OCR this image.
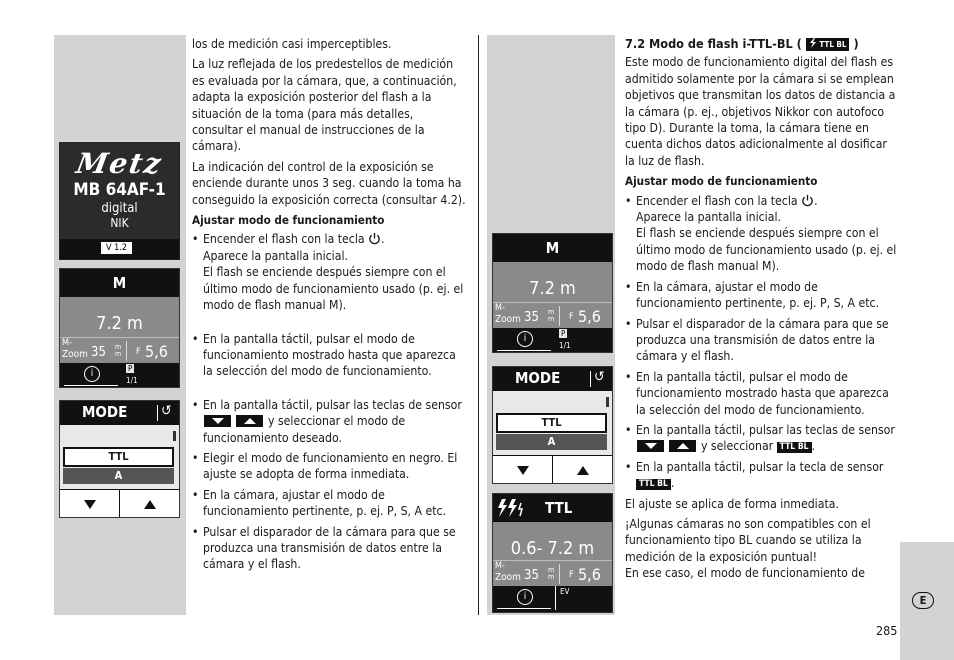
Metz
MB 64AF-1
digital
NIK
V 1.2
M
7.2 m
M-
Zoom 35 mm F 5,6
i	P
1/1
MODE ↺
TTL
A
M
7.2 m
M-
Zoom 35 mm F 5,6
i	P
1/1
MODE ↺
TTL
A
TTL
0.6- 7.2 m
M-
Zoom 35 mm F 5,6
i	EV

los de medición casi imperceptibles.

La luz reflejada de los predestellos de medición es evaluada por la cámara, que, a continuación, adapta la exposición posterior del flash a la situación de la toma (para más detalles, consultar el manual de instrucciones de la cámara).

La indicación del control de la exposición se enciende durante unos 3 seg. cuando la toma ha conseguido la exposición correcta (consultar 4.2).

Ajustar modo de funcionamiento
• Encender el flash con la tecla .
Aparece la pantalla inicial.
El flash se enciende después siempre con el último modo de funcionamiento usado (p. ej. el modo de flash manual M).
• En la pantalla táctil, pulsar el modo de funcionamiento mostrado hasta que aparezca la selección del modo de funcionamiento.
• En la pantalla táctil, pulsar las teclas de sensor   y seleccionar el modo de funcionamiento deseado.
• Elegir el modo de funcionamiento en negro. El ajuste se adopta de forma inmediata.
• En la cámara, ajustar el modo de funcionamiento pertinente, p. ej. P, S, A etc.
• Pulsar el disparador de la cámara para que se produzca una transmisión de datos entre la cámara y el flash.
7.2 Modo de flash i-TTL-BL ( TTL BL )

Este modo de funcionamiento digital del flash es admitido solamente por la cámara si se emplean objetivos que transmitan los datos de distancia a la cámara (p. ej., objetivos Nikkor con autofoco tipo D). Durante la toma, la cámara tiene en cuenta dichos datos adicionalmente al dosificar la luz de flash.

Ajustar modo de funcionamiento
• Encender el flash con la tecla .
Aparece la pantalla inicial.
El flash se enciende después siempre con el último modo de funcionamiento usado (p. ej. el modo de flash manual M).
• En la cámara, ajustar el modo de funcionamiento pertinente, p. ej. P, S, A etc.
• Pulsar el disparador de la cámara para que se produzca una transmisión de datos entre la cámara y el flash.
• En la pantalla táctil, pulsar el modo de funcionamiento mostrado hasta que aparezca la selección del modo de funcionamiento.
• En la pantalla táctil, pulsar las teclas de sensor   y seleccionar TTL BL .
• En la pantalla táctil, pulsar la tecla de sensor TTL BL .

El ajuste se aplica de forma inmediata.

¡Algunas cámaras no son compatibles con el funcionamiento tipo BL cuando se utiliza la medición de la exposición puntual!

En ese caso, el modo de funcionamiento de

E
285
